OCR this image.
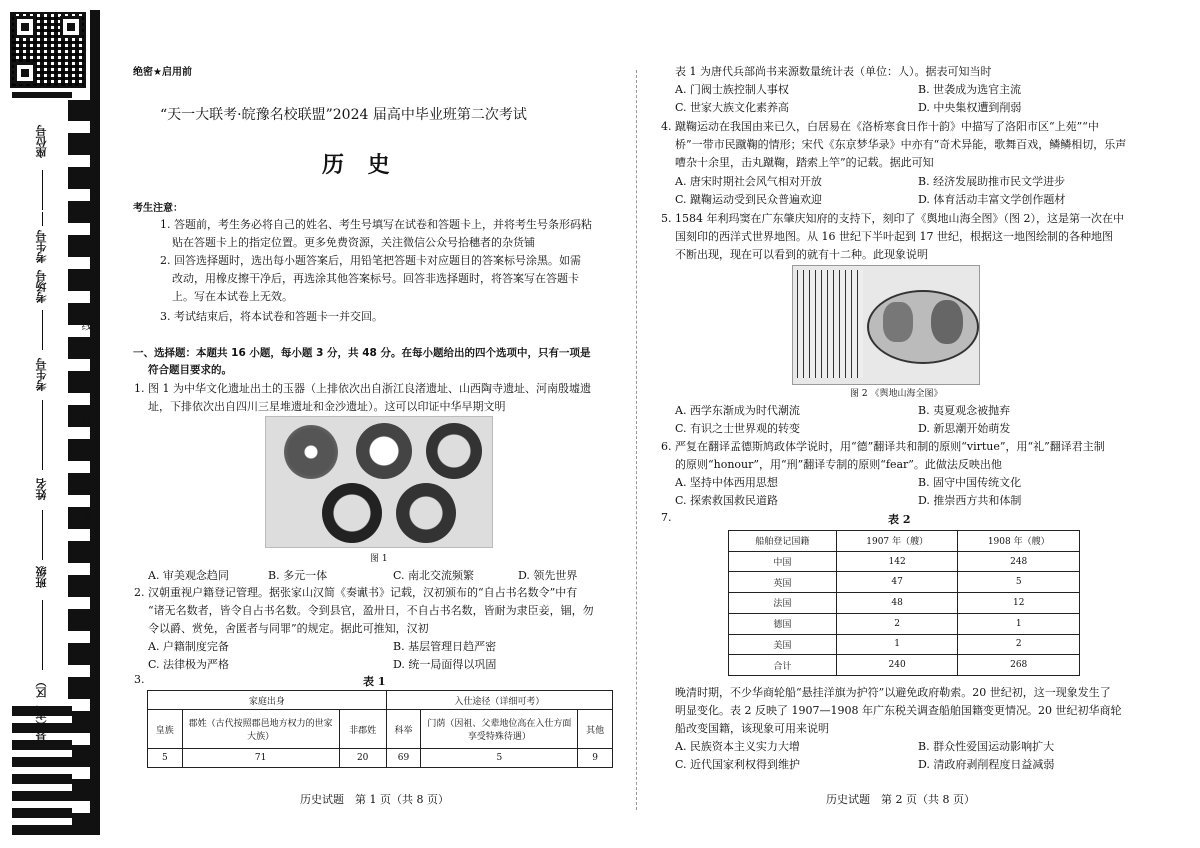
座位号
考生号
考场号
考生号
姓名
班级
县（市、区）
线
订
装
绝密★启用前
“天一大联考·皖豫名校联盟”2024 届高中毕业班第二次考试
历 史
考生注意：
1. 答题前，考生务必将自己的姓名、考生号填写在试卷和答题卡上，并将考生号条形码粘
贴在答题卡上的指定位置。更多免费资源，关注微信公众号拾穗者的杂货铺
2. 回答选择题时，选出每小题答案后，用铅笔把答题卡对应题目的答案标号涂黑。如需
改动，用橡皮擦干净后，再选涂其他答案标号。回答非选择题时，将答案写在答题卡
上。写在本试卷上无效。
3. 考试结束后，将本试卷和答题卡一并交回。
一、选择题：本题共 16 小题，每小题 3 分，共 48 分。在每小题给出的四个选项中，只有一项是
符合题目要求的。
1. 图 1 为中华文化遗址出土的玉器（上排依次出自浙江良渚遗址、山西陶寺遗址、河南殷墟遗
址，下排依次出自四川三星堆遗址和金沙遗址）。这可以印证中华早期文明
图 1
A. 审美观念趋同	B. 多元一体	C. 南北交流频繁	D. 领先世界
2. 汉朝重视户籍登记管理。据张家山汉简《奏谳书》记载，汉初颁布的“自占书名数令”中有
“诸无名数者，皆令自占书名数。令到县官，盈卅日，不自占书名数，皆耐为隶臣妾，锢，勿
令以爵、赏免，舍匿者与同罪”的规定。据此可推知，汉初
A. 户籍制度完备	B. 基层管理日趋严密
C. 法律极为严格	D. 统一局面得以巩固
3.	表 1
家庭出身			入仕途径（详细可考）		
皇族	郡姓（古代按照郡邑地方权力的世家大族）	非郡姓	科举	门荫（因祖、父辈地位高在入仕方面享受特殊待遇）	其他
5	71	20	69	5	9
历史试题　第 1 页（共 8 页）
表 1 为唐代兵部尚书来源数量统计表（单位：人）。据表可知当时
A. 门阀士族控制人事权	B. 世袭成为选官主流
C. 世家大族文化素养高	D. 中央集权遭到削弱
4. 蹴鞠运动在我国由来已久，白居易在《洛桥寒食日作十韵》中描写了洛阳市区“上苑”“中
桥”一带市民蹴鞠的情形；宋代《东京梦华录》中亦有“奇术异能，歌舞百戏，鳞鳞相切，乐声
嘈杂十余里，击丸蹴鞠，踏索上竿”的记载。据此可知
A. 唐宋时期社会风气相对开放	B. 经济发展助推市民文学进步
C. 蹴鞠运动受到民众普遍欢迎	D. 体育活动丰富文学创作题材
5. 1584 年利玛窦在广东肇庆知府的支持下，刻印了《舆地山海全图》（图 2），这是第一次在中
国刻印的西洋式世界地图。从 16 世纪下半叶起到 17 世纪，根据这一地图绘制的各种地图
不断出现，现在可以看到的就有十二种。此现象说明
图 2 《舆地山海全图》
A. 西学东渐成为时代潮流	B. 夷夏观念被抛弃
C. 有识之士世界观的转变	D. 新思潮开始萌发
6. 严复在翻译孟德斯鸠政体学说时，用“德”翻译共和制的原则“virtue”，用“礼”翻译君主制
的原则“honour”，用“刑”翻译专制的原则“fear”。此做法反映出他
A. 坚持中体西用思想	B. 固守中国传统文化
C. 探索救国救民道路	D. 推崇西方共和体制
7.	表 2
船舶登记国籍	1907 年（艘）	1908 年（艘）
中国	142	248
英国	47	5
法国	48	12
德国	2	1
美国	1	2
合计	240	268
晚清时期，不少华商轮船“悬挂洋旗为护符”以避免政府勒索。20 世纪初，这一现象发生了
明显变化。表 2 反映了 1907—1908 年广东税关调查船舶国籍变更情况。20 世纪初华商轮
船改变国籍，该现象可用来说明
A. 民族资本主义实力大增	B. 群众性爱国运动影响扩大
C. 近代国家利权得到维护	D. 清政府剥削程度日益减弱
历史试题　第 2 页（共 8 页）
